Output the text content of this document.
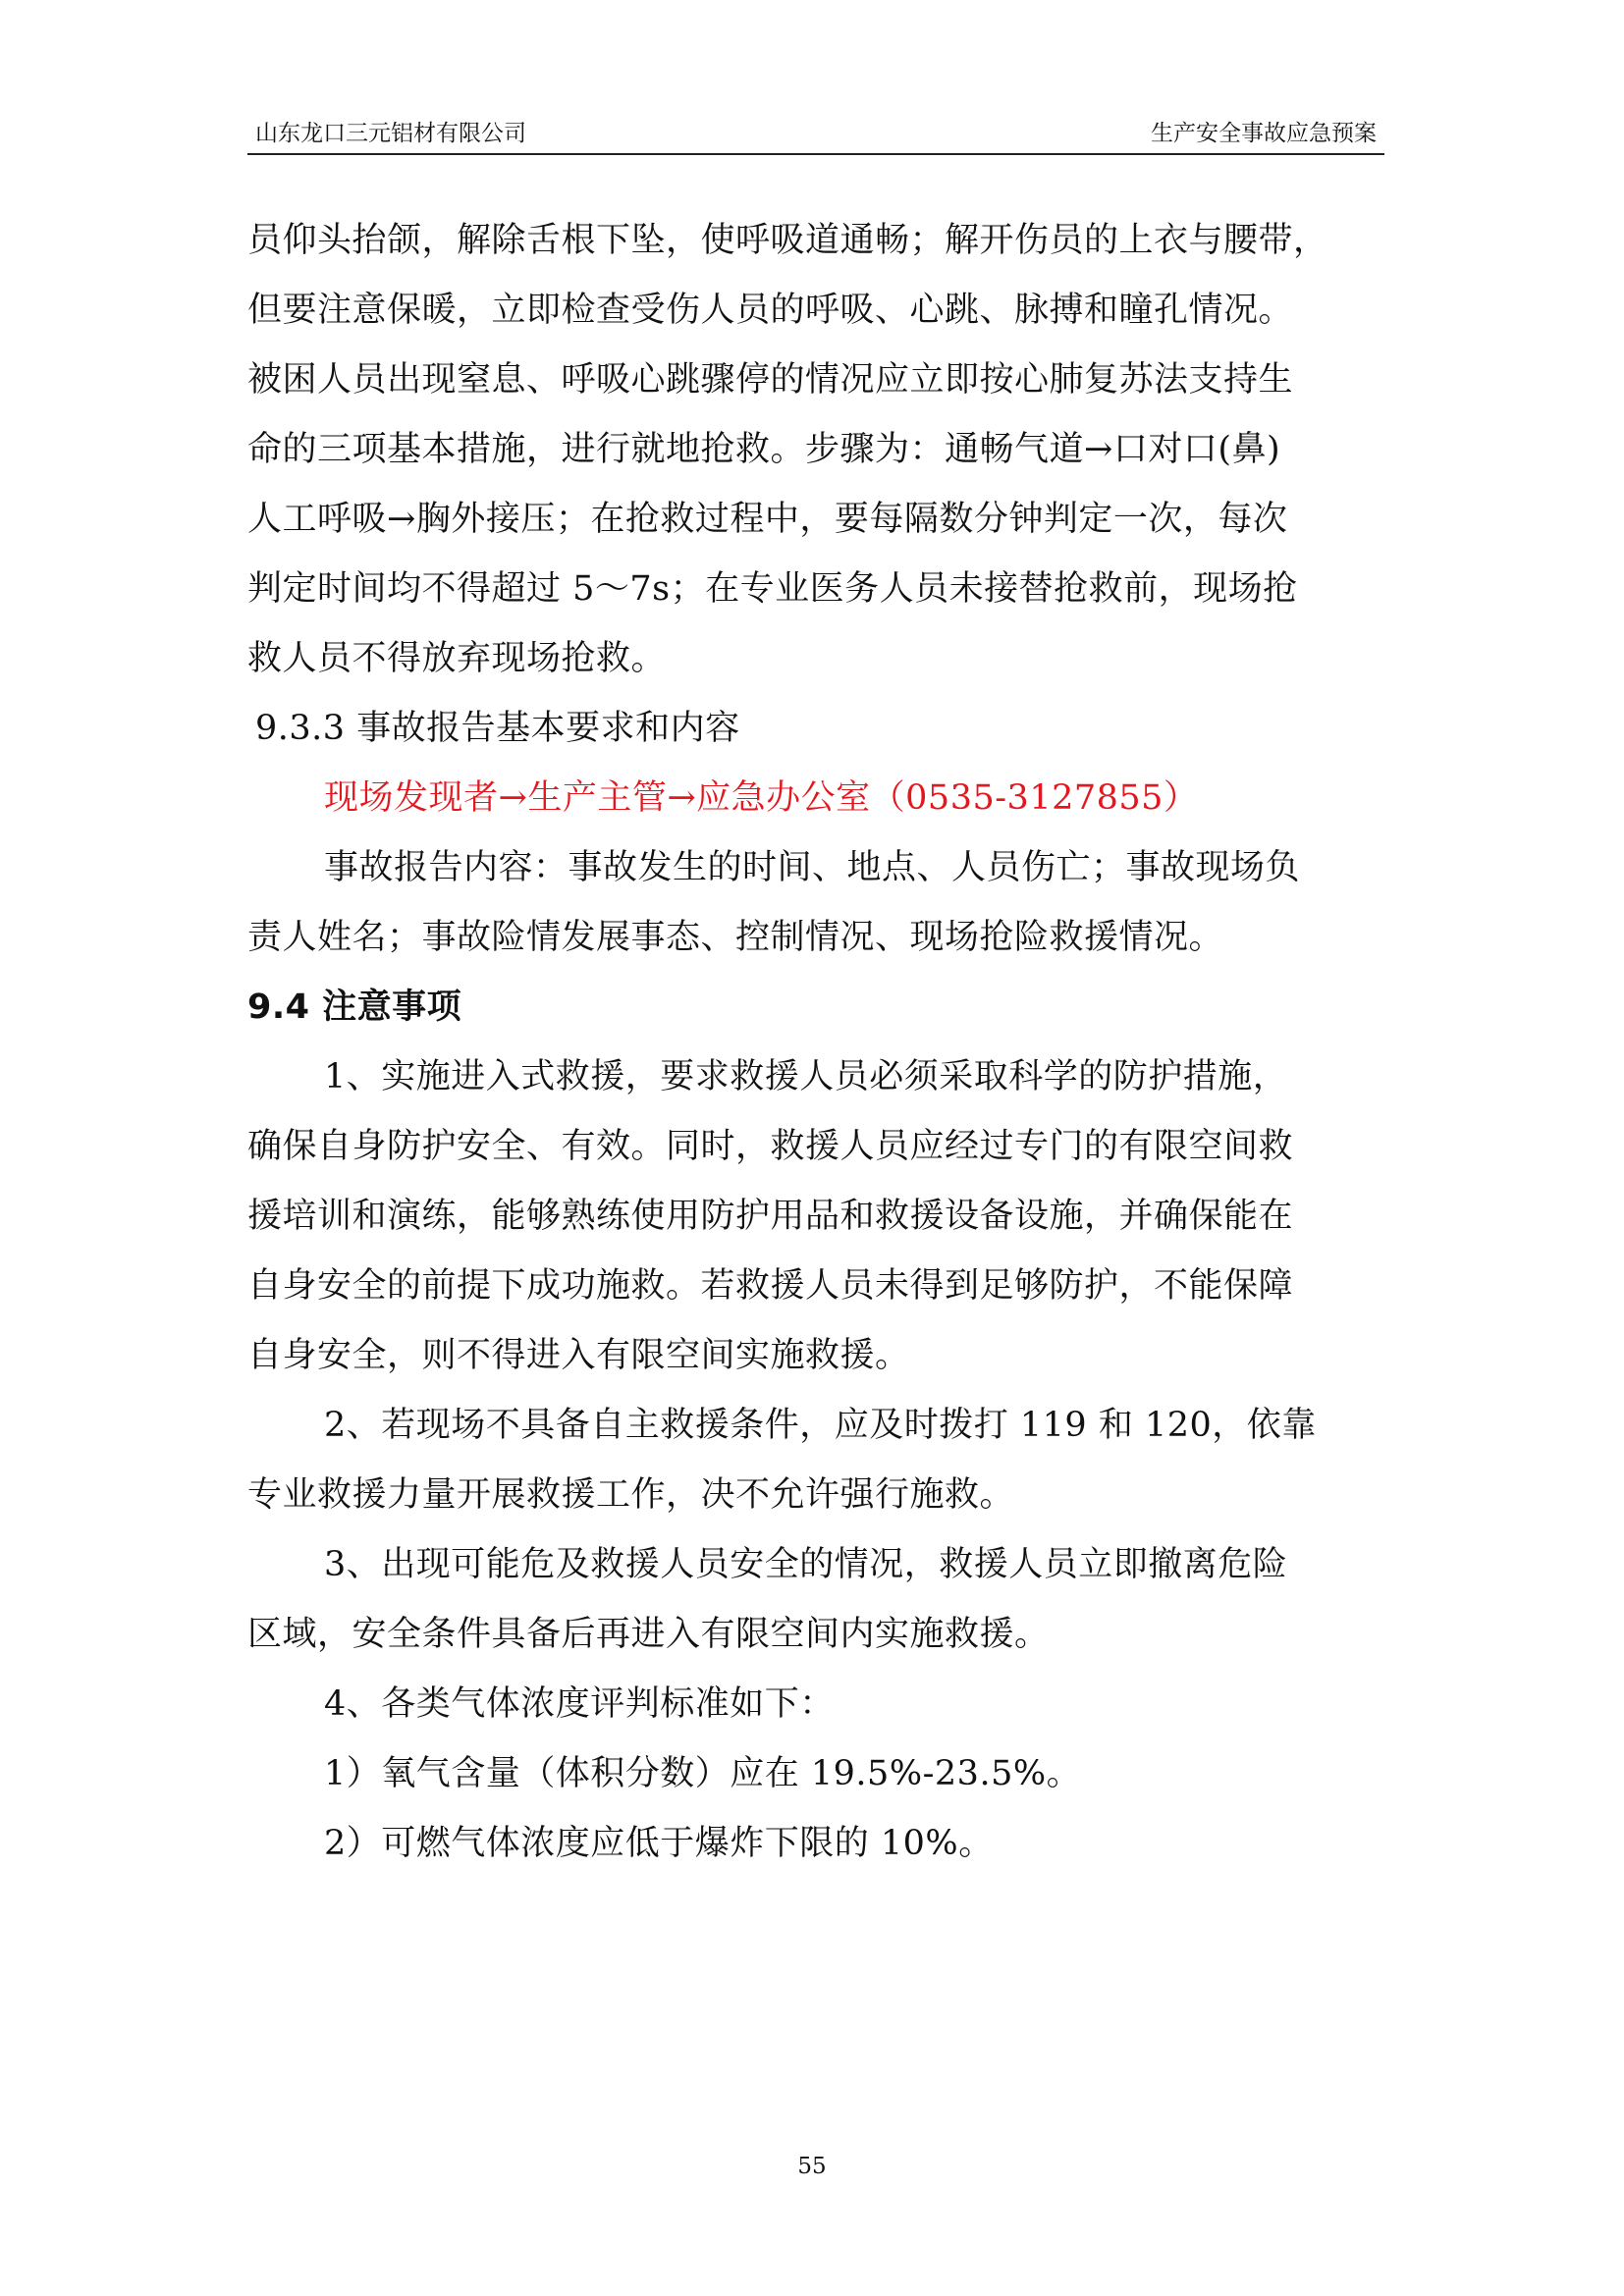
山东龙口三元铝材有限公司	生产安全事故应急预案

员仰头抬颌，解除舌根下坠，使呼吸道通畅；解开伤员的上衣与腰带，

但要注意保暖，立即检查受伤人员的呼吸、心跳、脉搏和瞳孔情况。

被困人员出现窒息、呼吸心跳骤停的情况应立即按心肺复苏法支持生

命的三项基本措施，进行就地抢救。步骤为：通畅气道→口对口(鼻)

人工呼吸→胸外接压；在抢救过程中，要每隔数分钟判定一次，每次

判定时间均不得超过 5～7s；在专业医务人员未接替抢救前，现场抢

救人员不得放弃现场抢救。

9.3.3 事故报告基本要求和内容

现场发现者→生产主管→应急办公室（0535-3127855）

事故报告内容：事故发生的时间、地点、人员伤亡；事故现场负

责人姓名；事故险情发展事态、控制情况、现场抢险救援情况。

9.4 注意事项

1、实施进入式救援，要求救援人员必须采取科学的防护措施，

确保自身防护安全、有效。同时，救援人员应经过专门的有限空间救

援培训和演练，能够熟练使用防护用品和救援设备设施，并确保能在

自身安全的前提下成功施救。若救援人员未得到足够防护，不能保障

自身安全，则不得进入有限空间实施救援。

2、若现场不具备自主救援条件，应及时拨打 119 和 120，依靠

专业救援力量开展救援工作，决不允许强行施救。

3、出现可能危及救援人员安全的情况，救援人员立即撤离危险

区域，安全条件具备后再进入有限空间内实施救援。

4、各类气体浓度评判标准如下：

1）氧气含量（体积分数）应在 19.5%-23.5%。

2）可燃气体浓度应低于爆炸下限的 10%。

55
